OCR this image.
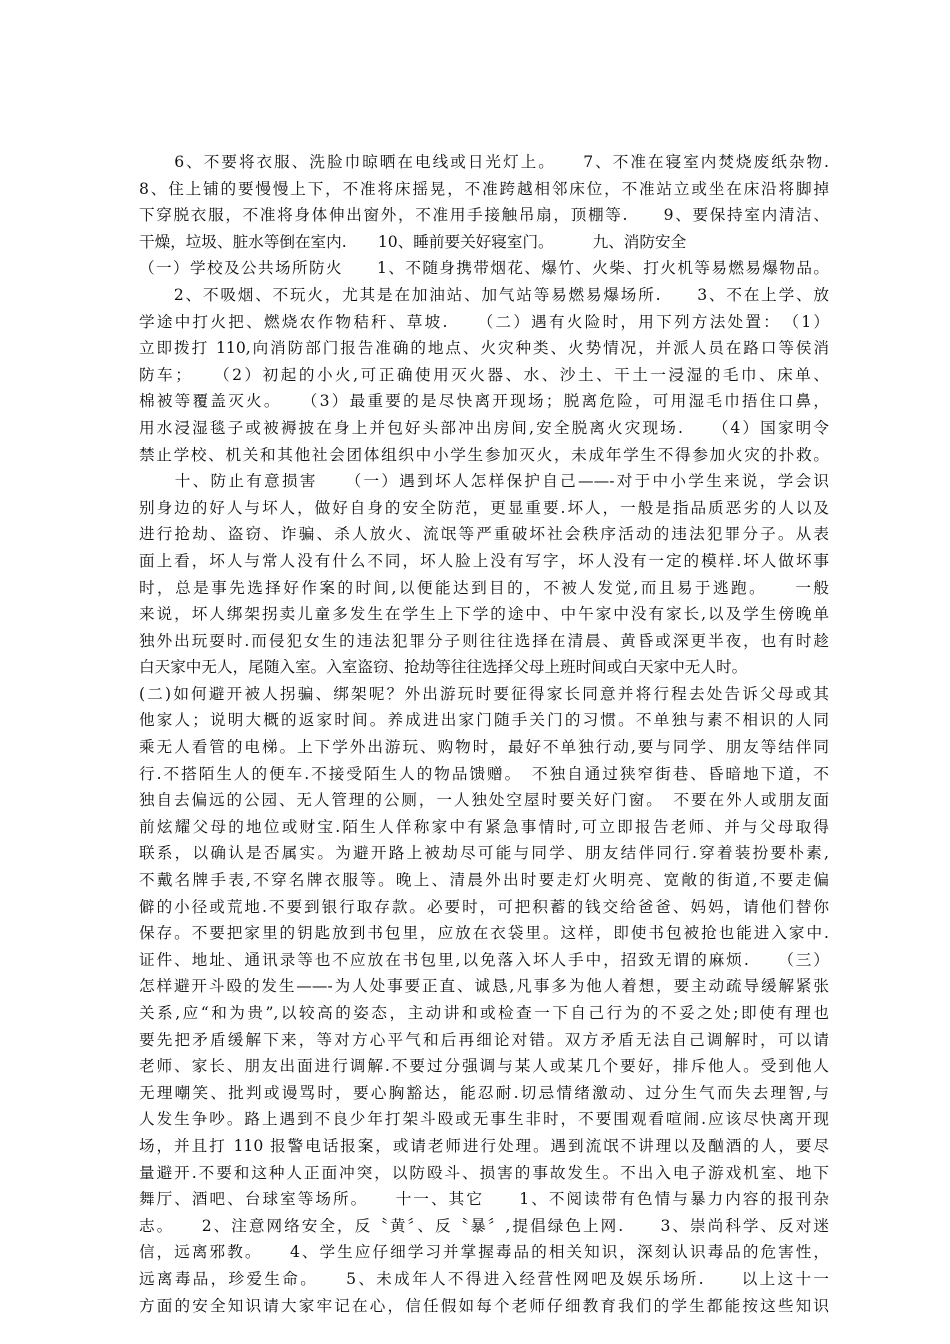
　　6、不要将衣服、洗脸巾晾晒在电线或日光灯上。　　7、不准在寝室内焚烧废纸杂物.
8、住上铺的要慢慢上下，不准将床摇晃，不准跨越相邻床位，不准站立或坐在床沿将脚掉
下穿脱衣服，不准将身体伸出窗外，不准用手接触吊扇，顶棚等.　　9、要保持室内清洁、
干燥，垃圾、脏水等倒在室内.　　10、睡前要关好寝室门。　　　九、消防安全
（一）学校及公共场所防火　　1、不随身携带烟花、爆竹、火柴、打火机等易燃易爆物品。
　　2、不吸烟、不玩火，尤其是在加油站、加气站等易燃易爆场所.　　3、不在上学、放
学途中打火把、燃烧农作物秸秆、草坡.　　（二）遇有火险时，用下列方法处置：　（1）
立即拨打 110,向消防部门报告准确的地点、火灾种类、火势情况，并派人员在路口等侯消
防车；　　（2）初起的小火,可正确使用灭火器、水、沙土、干土一浸湿的毛巾、床单、
棉被等覆盖灭火。　　（3）最重要的是尽快离开现场；脱离危险，可用湿毛巾捂住口鼻，
用水浸湿毯子或被褥披在身上并包好头部冲出房间,安全脱离火灾现场.　　（4）国家明令
禁止学校、机关和其他社会团体组织中小学生参加灭火，未成年学生不得参加火灾的扑救。
　　十、防止有意损害　　（一）遇到坏人怎样保护自己——-对于中小学生来说，学会识
别身边的好人与坏人，做好自身的安全防范，更显重要.坏人，一般是指品质恶劣的人以及
进行抢劫、盗窃、诈骗、杀人放火、流氓等严重破坏社会秩序活动的违法犯罪分子。从表
面上看，坏人与常人没有什么不同，坏人脸上没有写字，坏人没有一定的模样.坏人做坏事
时，总是事先选择好作案的时间,以便能达到目的，不被人发觉,而且易于逃跑。　　一般
来说，坏人绑架拐卖儿童多发生在学生上下学的途中、中午家中没有家长,以及学生傍晚单
独外出玩耍时.而侵犯女生的违法犯罪分子则往往选择在清晨、黄昏或深更半夜，也有时趁
白天家中无人，尾随入室。入室盗窃、抢劫等往往选择父母上班时间或白天家中无人时。
(二)如何避开被人拐骗、绑架呢？外出游玩时要征得家长同意并将行程去处告诉父母或其
他家人；说明大概的返家时间。养成进出家门随手关门的习惯。不单独与素不相识的人同
乘无人看管的电梯。上下学外出游玩、购物时，最好不单独行动,要与同学、朋友等结伴同
行.不搭陌生人的便车.不接受陌生人的物品馈赠。　不独自通过狭窄街巷、昏暗地下道，不
独自去偏远的公园、无人管理的公厕，一人独处空屋时要关好门窗。　不要在外人或朋友面
前炫耀父母的地位或财宝.陌生人佯称家中有紧急事情时,可立即报告老师、并与父母取得
联系，以确认是否属实。为避开路上被劫尽可能与同学、朋友结伴同行.穿着装扮要朴素,
不戴名牌手表,不穿名牌衣服等。晚上、清晨外出时要走灯火明亮、宽敞的街道,不要走偏
僻的小径或荒地.不要到银行取存款。必要时，可把积蓄的钱交给爸爸、妈妈，请他们替你
保存。不要把家里的钥匙放到书包里，应放在衣袋里。这样，即使书包被抢也能进入家中.
证件、地址、通讯录等也不应放在书包里,以免落入坏人手中，招致无谓的麻烦.　　（三）
怎样避开斗殴的发生——-为人处事要正直、诚恳,凡事多为他人着想，要主动疏导缓解紧张
关系,应“和为贵”,以较高的姿态，主动讲和或检查一下自己行为的不妥之处;即使有理也
要先把矛盾缓解下来，等对方心平气和后再细论对错。双方矛盾无法自己调解时，可以请
老师、家长、朋友出面进行调解.不要过分强调与某人或某几个要好，排斥他人。受到他人
无理嘲笑、批判或谩骂时，要心胸豁达，能忍耐.切忌情绪激动、过分生气而失去理智,与
人发生争吵。路上遇到不良少年打架斗殴或无事生非时，不要围观看喧闹.应该尽快离开现
场，并且打 110 报警电话报案，或请老师进行处理。遇到流氓不讲理以及酗酒的人，要尽
量避开.不要和这种人正面冲突，以防殴斗、损害的事故发生。不出入电子游戏机室、地下
舞厅、酒吧、台球室等场所。　　十一、其它　　1、不阅读带有色情与暴力内容的报刊杂
志。　　2、注意网络安全，反〝黄〞、反〝暴〞,提倡绿色上网.　　3、崇尚科学、反对迷
信，远离邪教。　　4、学生应仔细学习并掌握毒品的相关知识，深刻认识毒品的危害性，
远离毒品，珍爱生命。　　5、未成年人不得进入经营性网吧及娱乐场所.　　以上这十一
方面的安全知识请大家牢记在心，信任假如每个老师仔细教育我们的学生都能按这些知识
